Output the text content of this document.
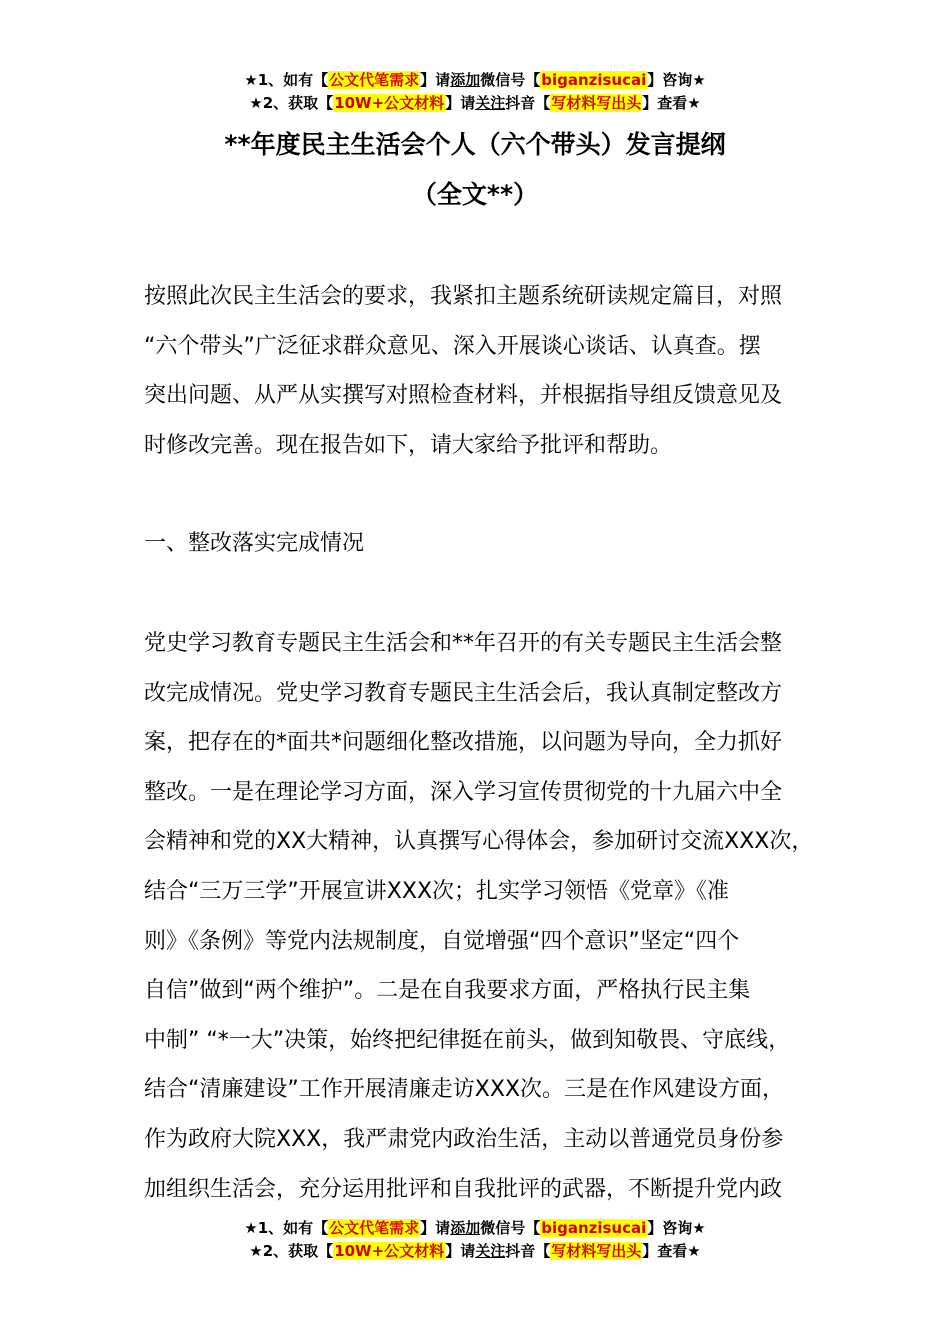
★1、如有【公文代笔需求】请添加微信号【biganzisucai】咨询★
★2、获取【10W+公文材料】请关注抖音【写材料写出头】查看★
**年度民主生活会个人（六个带头）发言提纲
（全文**）
按照此次民主生活会的要求，我紧扣主题系统研读规定篇目，对照
“六个带头”广泛征求群众意见、深入开展谈心谈话、认真查。摆
突出问题、从严从实撰写对照检查材料，并根据指导组反馈意见及
时修改完善。现在报告如下，请大家给予批评和帮助。
一、整改落实完成情况
党史学习教育专题民主生活会和**年召开的有关专题民主生活会整
改完成情况。党史学习教育专题民主生活会后，我认真制定整改方
案，把存在的*面共*问题细化整改措施，以问题为导向，全力抓好
整改。一是在理论学习方面，深入学习宣传贯彻党的十九届六中全
会精神和党的XX大精神，认真撰写心得体会，参加研讨交流XXX次，
结合“三万三学”开展宣讲XXX次；扎实学习领悟《党章》《准
则》《条例》等党内法规制度，自觉增强“四个意识”坚定“四个
自信”做到“两个维护”。二是在自我要求方面，严格执行民主集
中制” “*一大”决策，始终把纪律挺在前头，做到知敬畏、守底线，
结合“清廉建设”工作开展清廉走访XXX次。三是在作风建设方面，
作为政府大院XXX，我严肃党内政治生活，主动以普通党员身份参
加组织生活会，充分运用批评和自我批评的武器，不断提升党内政
★1、如有【公文代笔需求】请添加微信号【biganzisucai】咨询★
★2、获取【10W+公文材料】请关注抖音【写材料写出头】查看★
